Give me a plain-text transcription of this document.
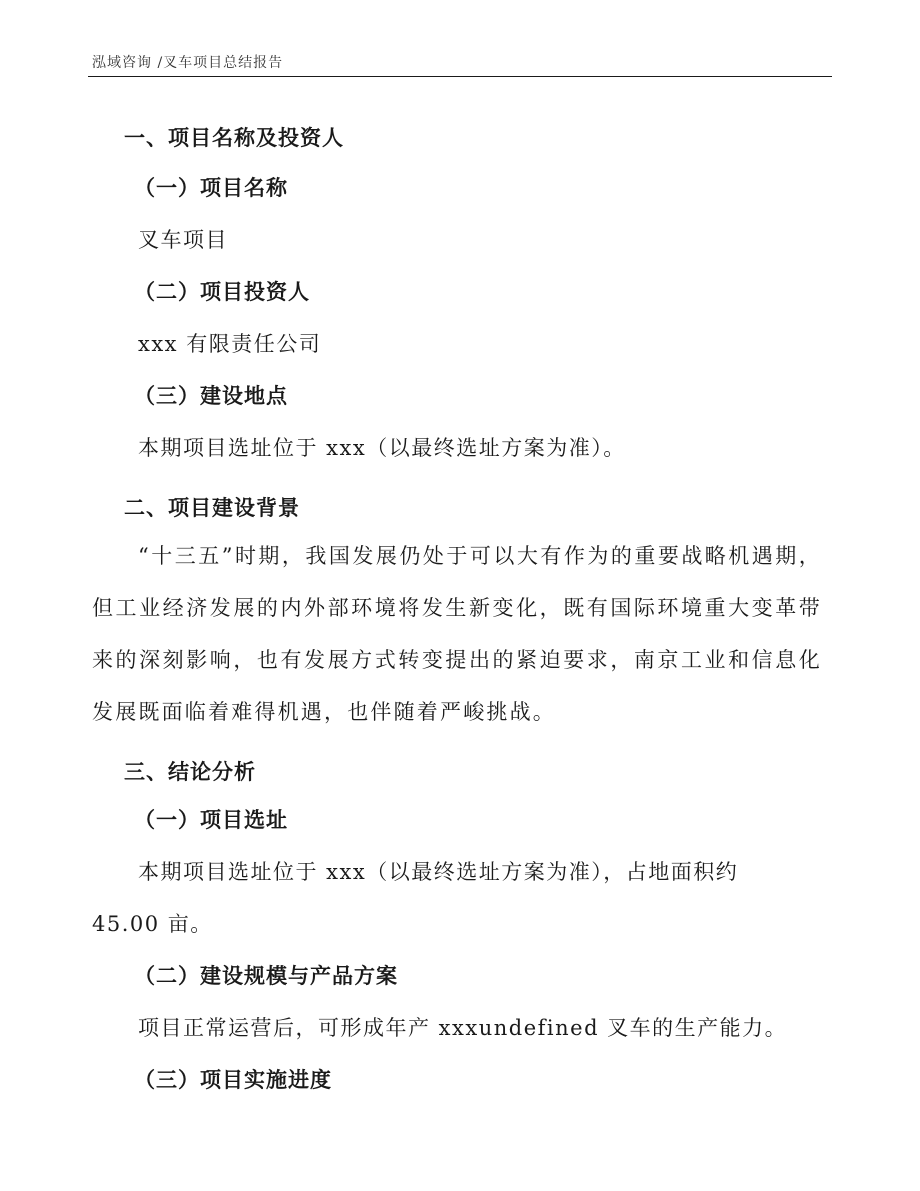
泓域咨询 /叉车项目总结报告
一、项目名称及投资人
（一）项目名称
叉车项目
（二）项目投资人
xxx 有限责任公司
（三）建设地点
本期项目选址位于 xxx（以最终选址方案为准）。
二、项目建设背景
“十三五”时期，我国发展仍处于可以大有作为的重要战略机遇期，但工业经济发展的内外部环境将发生新变化，既有国际环境重大变革带来的深刻影响，也有发展方式转变提出的紧迫要求，南京工业和信息化发展既面临着难得机遇，也伴随着严峻挑战。
三、结论分析
（一）项目选址
本期项目选址位于 xxx（以最终选址方案为准），占地面积约
45.00 亩。
（二）建设规模与产品方案
项目正常运营后，可形成年产 xxxundefined 叉车的生产能力。
（三）项目实施进度
